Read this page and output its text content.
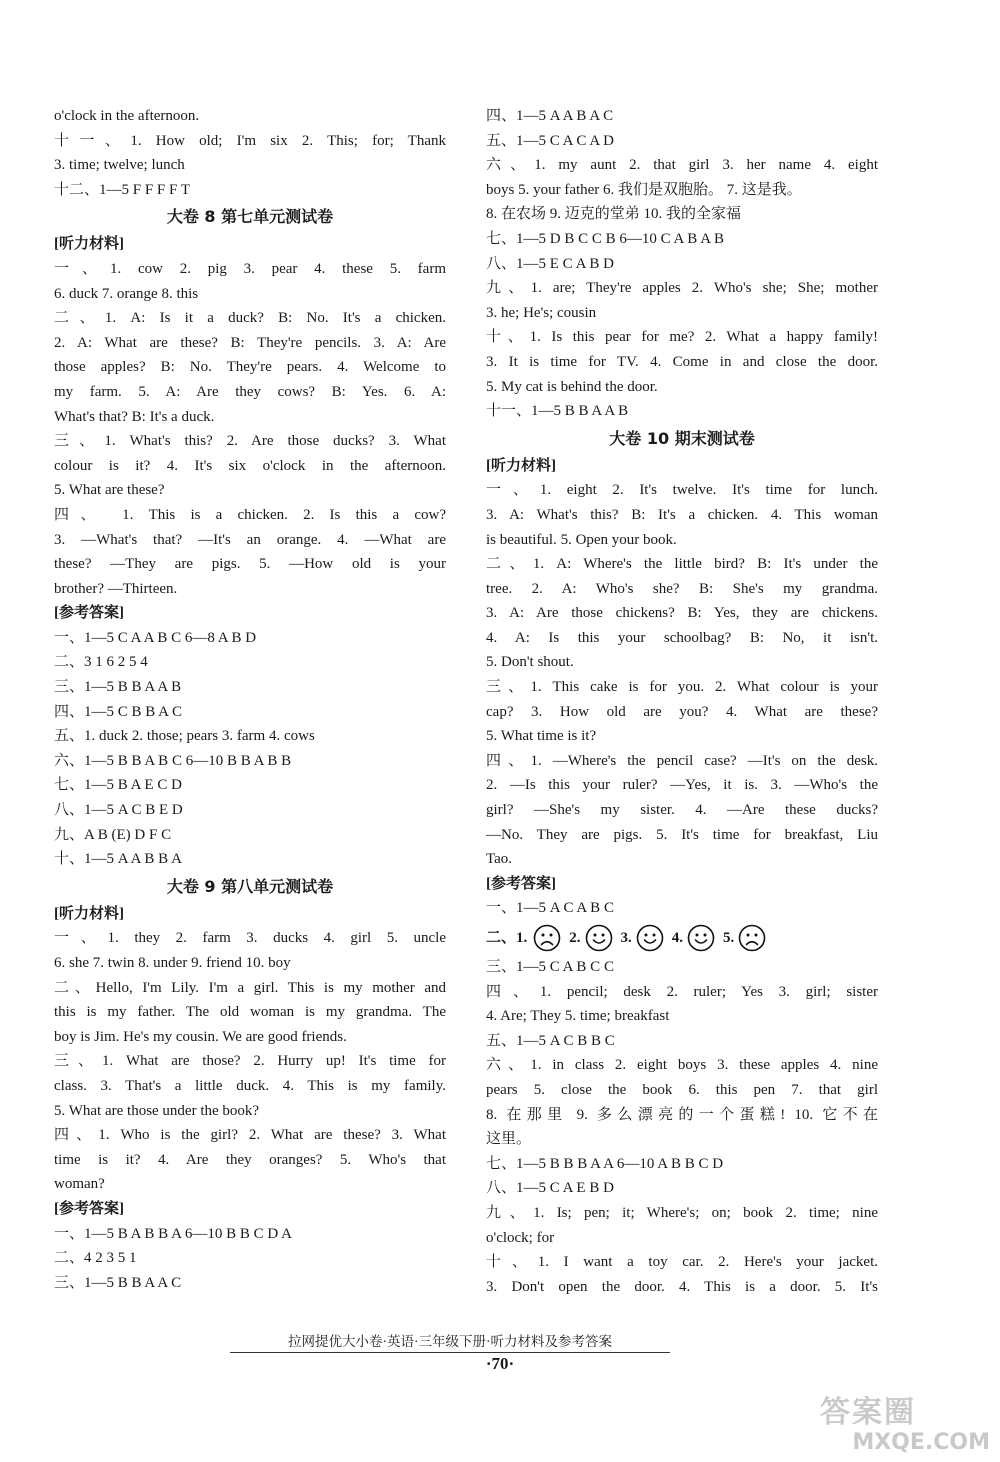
o'clock in the afternoon.
十一、1. How old; I'm six 2. This; for; Thank
3. time; twelve; lunch
十二、1—5 F F F F T
大卷 8 第七单元测试卷
[听力材料]
一、1. cow 2. pig 3. pear 4. these 5. farm
6. duck 7. orange 8. this
二、1. A: Is it a duck? B: No. It's a chicken.
2. A: What are these? B: They're pencils. 3. A: Are
those apples? B: No. They're pears. 4. Welcome to
my farm. 5. A: Are they cows? B: Yes. 6. A:
What's that? B: It's a duck.
三、1. What's this? 2. Are those ducks? 3. What
colour is it? 4. It's six o'clock in the afternoon.
5. What are these?
四、 1. This is a chicken. 2. Is this a cow?
3. —What's that? —It's an orange. 4. —What are
these? —They are pigs. 5. —How old is your
brother? —Thirteen.
[参考答案]
一、1—5 C A A B C 6—8 A B D
二、3 1 6 2 5 4
三、1—5 B B A A B
四、1—5 C B B A C
五、1. duck 2. those; pears 3. farm 4. cows
六、1—5 B B A B C 6—10 B B A B B
七、1—5 B A E C D
八、1—5 A C B E D
九、A B (E) D F C
十、1—5 A A B B A
大卷 9 第八单元测试卷
[听力材料]
一、1. they 2. farm 3. ducks 4. girl 5. uncle
6. she 7. twin 8. under 9. friend 10. boy
二、Hello, I'm Lily. I'm a girl. This is my mother and
this is my father. The old woman is my grandma. The
boy is Jim. He's my cousin. We are good friends.
三、1. What are those? 2. Hurry up! It's time for
class. 3. That's a little duck. 4. This is my family.
5. What are those under the book?
四、1. Who is the girl? 2. What are these? 3. What
time is it? 4. Are they oranges? 5. Who's that
woman?
[参考答案]
一、1—5 B A B B A 6—10 B B C D A
二、4 2 3 5 1
三、1—5 B B A A C
四、1—5 A A B A C
五、1—5 C A C A D
六、1. my aunt 2. that girl 3. her name 4. eight
boys 5. your father 6. 我们是双胞胎。 7. 这是我。
8. 在农场 9. 迈克的堂弟 10. 我的全家福
七、1—5 D B C C B 6—10 C A B A B
八、1—5 E C A B D
九、1. are; They're apples 2. Who's she; She; mother
3. he; He's; cousin
十、1. Is this pear for me? 2. What a happy family!
3. It is time for TV. 4. Come in and close the door.
5. My cat is behind the door.
十一、1—5 B B A A B
大卷 10 期末测试卷
[听力材料]
一、1. eight 2. It's twelve. It's time for lunch.
3. A: What's this? B: It's a chicken. 4. This woman
is beautiful. 5. Open your book.
二、1. A: Where's the little bird? B: It's under the
tree. 2. A: Who's she? B: She's my grandma.
3. A: Are those chickens? B: Yes, they are chickens.
4. A: Is this your schoolbag? B: No, it isn't.
5. Don't shout.
三、1. This cake is for you. 2. What colour is your
cap? 3. How old are you? 4. What are these?
5. What time is it?
四、1. —Where's the pencil case? —It's on the desk.
2. —Is this your ruler? —Yes, it is. 3. —Who's the
girl? —She's my sister. 4. —Are these ducks?
—No. They are pigs. 5. It's time for breakfast, Liu
Tao.
[参考答案]
一、1—5 A C A B C
二、1.	2.	3.	4.	5.
三、1—5 C A B C C
四、1. pencil; desk 2. ruler; Yes 3. girl; sister
4. Are; They 5. time; breakfast
五、1—5 A C B B C
六、1. in class 2. eight boys 3. these apples 4. nine
pears 5. close the book 6. this pen 7. that girl
8. 在那里 9. 多么漂亮的一个蛋糕! 10. 它不在
这里。
七、1—5 B B B A A 6—10 A B B C D
八、1—5 C A E B D
九、1. Is; pen; it; Where's; on; book 2. time; nine
o'clock; for
十、1. I want a toy car. 2. Here's your jacket.
3. Don't open the door. 4. This is a door. 5. It's
拉网提优大小卷·英语·三年级下册·听力材料及参考答案
·70·
答案圈
MXQE.COM
